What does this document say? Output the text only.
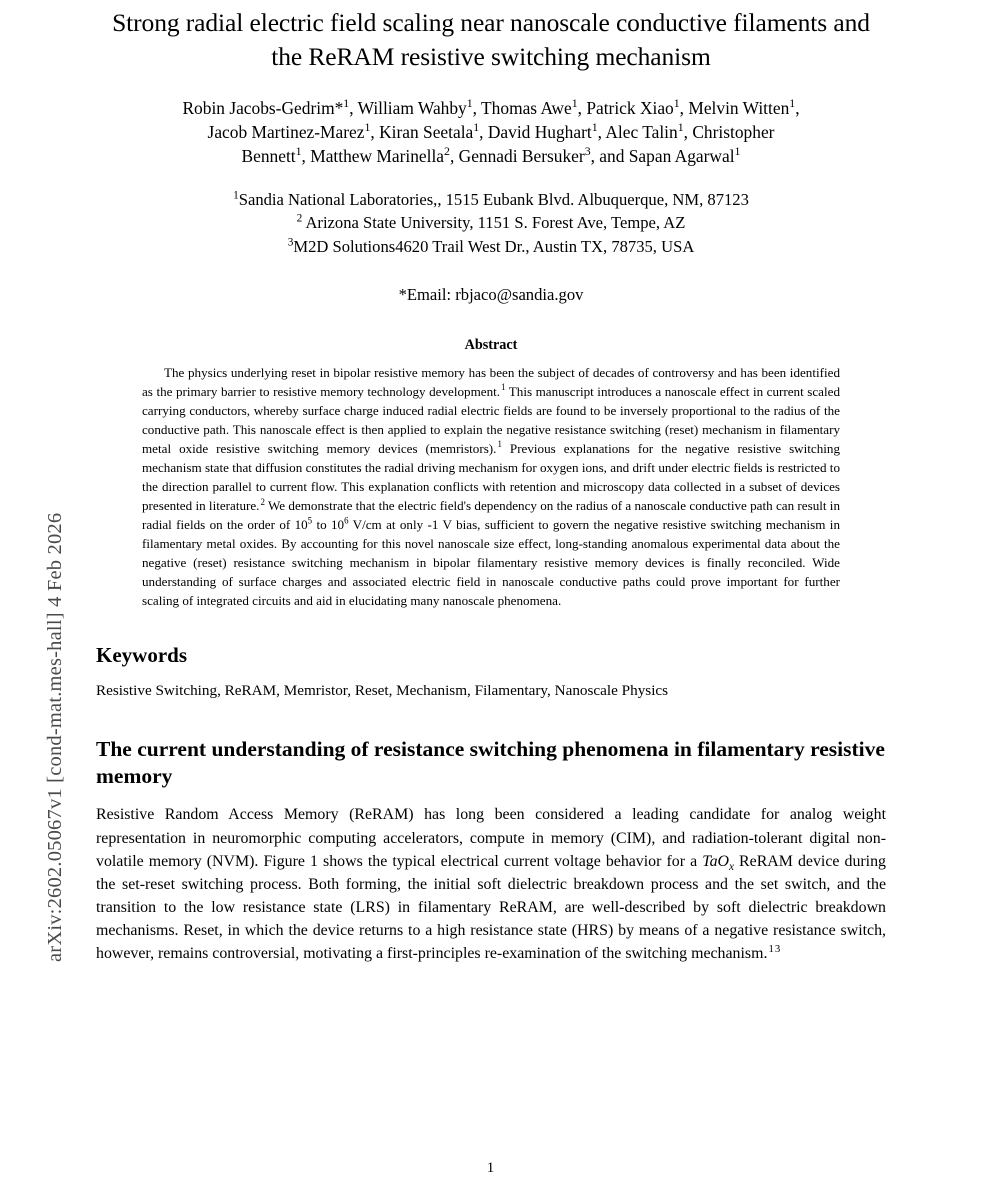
arXiv:2602.05067v1 [cond-mat.mes-hall] 4 Feb 2026
Strong radial electric field scaling near nanoscale conductive filaments and the ReRAM resistive switching mechanism
Robin Jacobs-Gedrim*$^1$, William Wahby$^1$, Thomas Awe$^1$, Patrick Xiao$^1$, Melvin Witten$^1$,
Jacob Martinez-Marez$^1$, Kiran Seetala$^1$, David Hughart$^1$, Alec Talin$^1$, Christopher
Bennett$^1$, Matthew Marinella$^2$, Gennadi Bersuker$^3$, and Sapan Agarwal$^1$
$^1$Sandia National Laboratories,, 1515 Eubank Blvd. Albuquerque, NM, 87123
$^2$ Arizona State University, 1151 S. Forest Ave, Tempe, AZ
$^3$M2D Solutions4620 Trail West Dr., Austin TX, 78735, USA
*Email: rbjaco@sandia.gov
Abstract
The physics underlying reset in bipolar resistive memory has been the subject of decades of controversy and has been identified as the primary barrier to resistive memory technology development.$^1$ This manuscript introduces a nanoscale effect in current scaled carrying conductors, whereby surface charge induced radial electric fields are found to be inversely proportional to the radius of the conductive path. This nanoscale effect is then applied to explain the negative resistance switching (reset) mechanism in filamentary metal oxide resistive switching memory devices (memristors).$^1$ Previous explanations for the negative resistive switching mechanism state that diffusion constitutes the radial driving mechanism for oxygen ions, and drift under electric fields is restricted to the direction parallel to current flow. This explanation conflicts with retention and microscopy data collected in a subset of devices presented in literature.$^2$ We demonstrate that the electric field's dependency on the radius of a nanoscale conductive path can result in radial fields on the order of $10^5$ to $10^6$ V/cm at only -1 V bias, sufficient to govern the negative resistive switching mechanism in filamentary metal oxides. By accounting for this novel nanoscale size effect, long-standing anomalous experimental data about the negative (reset) resistance switching mechanism in bipolar filamentary resistive memory devices is finally reconciled. Wide understanding of surface charges and associated electric field in nanoscale conductive paths could prove important for further scaling of integrated circuits and aid in elucidating many nanoscale phenomena.
Keywords
Resistive Switching, ReRAM, Memristor, Reset, Mechanism, Filamentary, Nanoscale Physics
The current understanding of resistance switching phenomena in filamentary resistive memory
Resistive Random Access Memory (ReRAM) has long been considered a leading candidate for analog weight representation in neuromorphic computing accelerators, compute in memory (CIM), and radiation-tolerant digital non-volatile memory (NVM). Figure 1 shows the typical electrical current voltage behavior for a TaO$_x$ ReRAM device during the set-reset switching process. Both forming, the initial soft dielectric breakdown process and the set switch, and the transition to the low resistance state (LRS) in filamentary ReRAM, are well-described by soft dielectric breakdown mechanisms. Reset, in which the device returns to a high resistance state (HRS) by means of a negative resistance switch, however, remains controversial, motivating a first-principles re-examination of the switching mechanism.$^{13}$
1
